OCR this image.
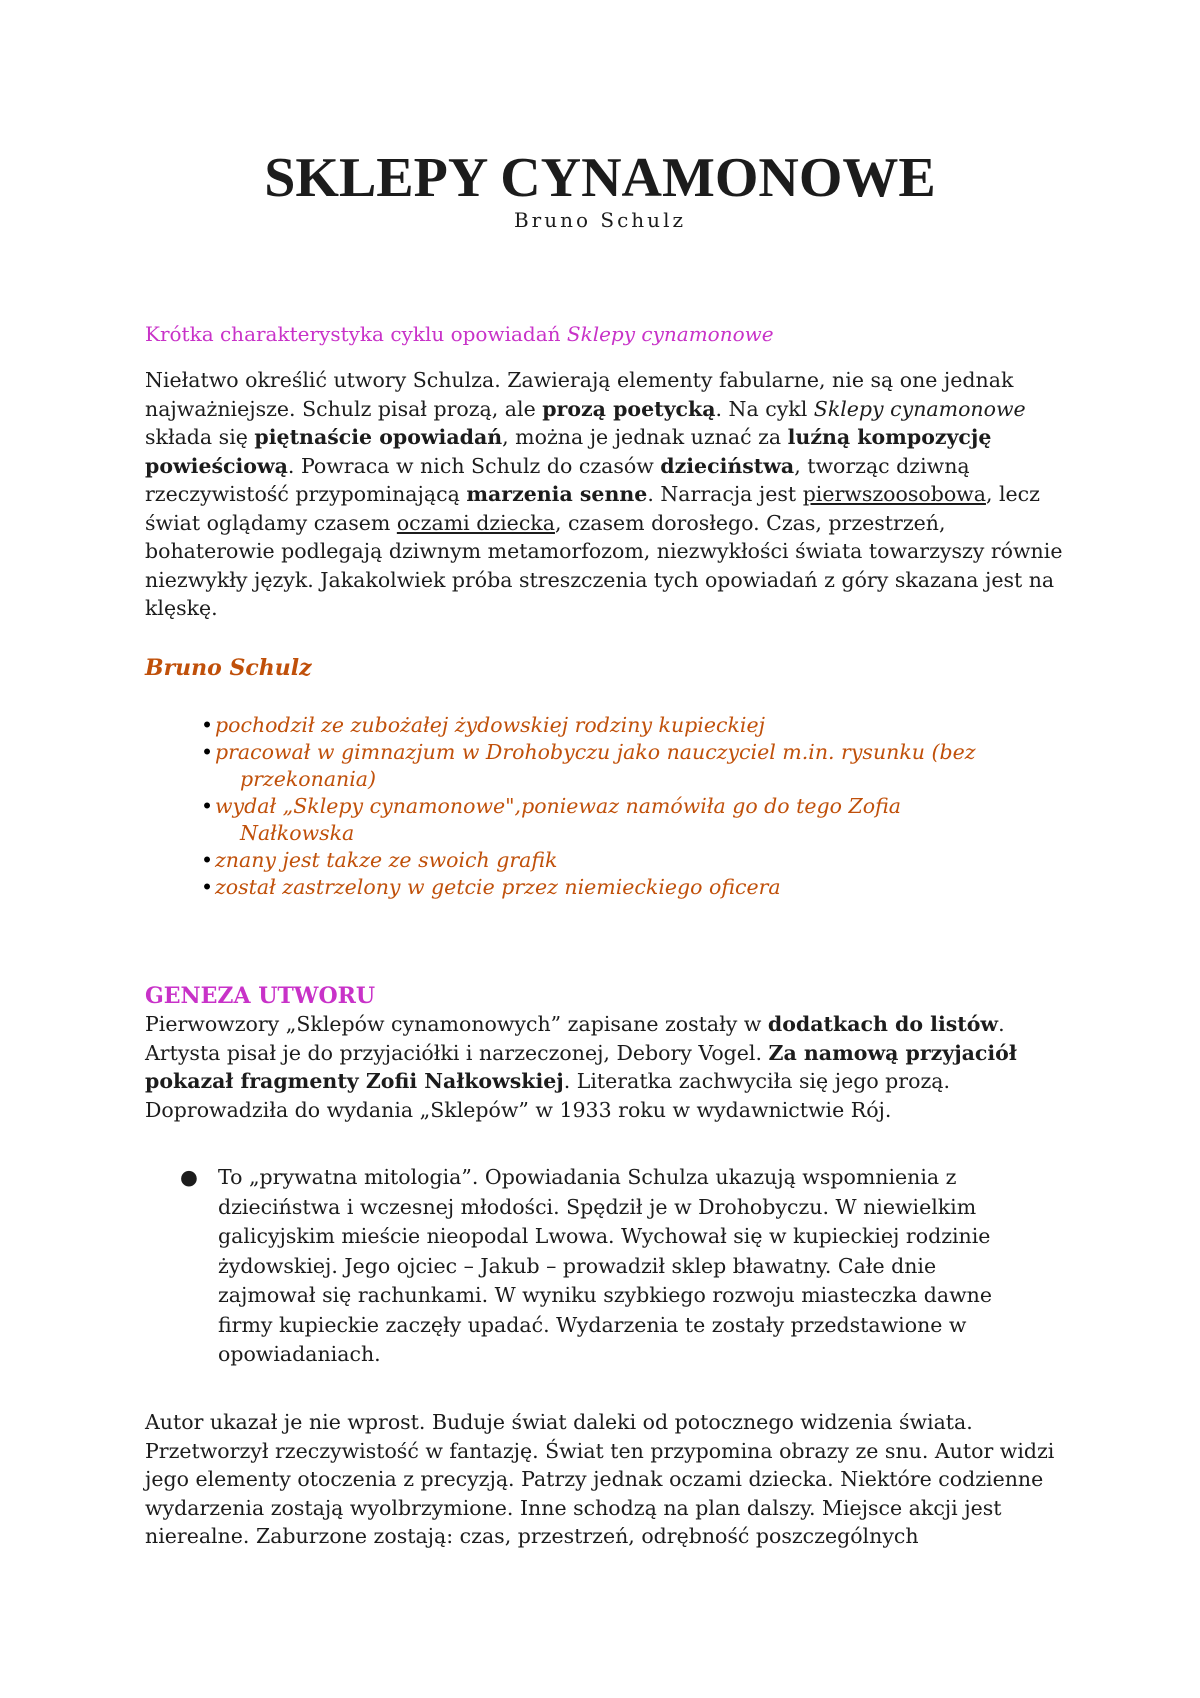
SKLEPY CYNAMONOWE
Bruno Schulz

Krótka charakterystyka cyklu opowiadań Sklepy cynamonowe

Niełatwo określić utwory Schulza. Zawierają elementy fabularne, nie są one jednak najważniejsze. Schulz pisał prozą, ale prozą poetycką. Na cykl Sklepy cynamonowe składa się piętnaście opowiadań, można je jednak uznać za luźną kompozycję powieściową. Powraca w nich Schulz do czasów dzieciństwa, tworząc dziwną rzeczywistość przypominającą marzenia senne. Narracja jest pierwszoosobowa, lecz świat oglądamy czasem oczami dziecka, czasem dorosłego. Czas, przestrzeń, bohaterowie podlegają dziwnym metamorfozom, niezwykłości świata towarzyszy równie niezwykły język. Jakakolwiek próba streszczenia tych opowiadań z góry skazana jest na klęskę.

Bruno Schulz

• pochodził ze zubożałej żydowskiej rodziny kupieckiej
• pracował w gimnazjum w Drohobyczu jako nauczyciel m.in. rysunku (bez
przekonania)
• wydał „Sklepy cynamonowe",poniewaz namówiła go do tego Zofia
Nałkowska
• znany jest takze ze swoich grafik
• został zastrzelony w getcie przez niemieckiego oficera

GENEZA UTWORU

Pierwowzory „Sklepów cynamonowych” zapisane zostały w dodatkach do listów. Artysta pisał je do przyjaciółki i narzeczonej, Debory Vogel. Za namową przyjaciół pokazał fragmenty Zofii Nałkowskiej. Literatka zachwyciła się jego prozą. Doprowadziła do wydania „Sklepów” w 1933 roku w wydawnictwie Rój.

● To „prywatna mitologia”. Opowiadania Schulza ukazują wspomnienia z dzieciństwa i wczesnej młodości. Spędził je w Drohobyczu. W niewielkim galicyjskim mieście nieopodal Lwowa. Wychował się w kupieckiej rodzinie żydowskiej. Jego ojciec – Jakub – prowadził sklep bławatny. Całe dnie zajmował się rachunkami. W wyniku szybkiego rozwoju miasteczka dawne firmy kupieckie zaczęły upadać. Wydarzenia te zostały przedstawione w opowiadaniach.

Autor ukazał je nie wprost. Buduje świat daleki od potocznego widzenia świata. Przetworzył rzeczywistość w fantazję. Świat ten przypomina obrazy ze snu. Autor widzi jego elementy otoczenia z precyzją. Patrzy jednak oczami dziecka. Niektóre codzienne wydarzenia zostają wyolbrzymione. Inne schodzą na plan dalszy. Miejsce akcji jest nierealne. Zaburzone zostają: czas, przestrzeń, odrębność poszczególnych
